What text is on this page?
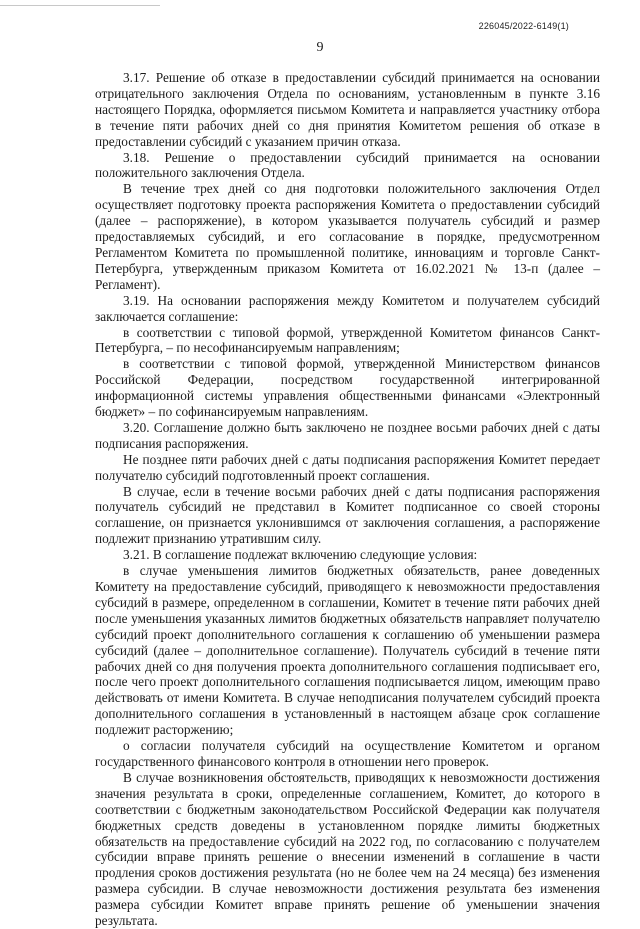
226045/2022-6149(1)
9

3.17. Решение об отказе в предоставлении субсидий принимается на основании отрицательного заключения Отдела по основаниям, установленным в пункте 3.16 настоящего Порядка, оформляется письмом Комитета и направляется участнику отбора в течение пяти рабочих дней со дня принятия Комитетом решения об отказе в предоставлении субсидий с указанием причин отказа.

3.18. Решение о предоставлении субсидий принимается на основании положительного заключения Отдела.

В течение трех дней со дня подготовки положительного заключения Отдел осуществляет подготовку проекта распоряжения Комитета о предоставлении субсидий (далее – распоряжение), в котором указывается получатель субсидий и размер предоставляемых субсидий, и его согласование в порядке, предусмотренном Регламентом Комитета по промышленной политике, инновациям и торговле Санкт-Петербурга, утвержденным приказом Комитета от 16.02.2021 № 13-п (далее – Регламент).

3.19. На основании распоряжения между Комитетом и получателем субсидий заключается соглашение:

в соответствии с типовой формой, утвержденной Комитетом финансов Санкт-Петербурга, – по несофинансируемым направлениям;

в соответствии с типовой формой, утвержденной Министерством финансов Российской Федерации, посредством государственной интегрированной информационной системы управления общественными финансами «Электронный бюджет» – по софинансируемым направлениям.

3.20. Соглашение должно быть заключено не позднее восьми рабочих дней с даты подписания распоряжения.

Не позднее пяти рабочих дней с даты подписания распоряжения Комитет передает получателю субсидий подготовленный проект соглашения.

В случае, если в течение восьми рабочих дней с даты подписания распоряжения получатель субсидий не представил в Комитет подписанное со своей стороны соглашение, он признается уклонившимся от заключения соглашения, а распоряжение подлежит признанию утратившим силу.

3.21. В соглашение подлежат включению следующие условия:

в случае уменьшения лимитов бюджетных обязательств, ранее доведенных Комитету на предоставление субсидий, приводящего к невозможности предоставления субсидий в размере, определенном в соглашении, Комитет в течение пяти рабочих дней после уменьшения указанных лимитов бюджетных обязательств направляет получателю субсидий проект дополнительного соглашения к соглашению об уменьшении размера субсидий (далее – дополнительное соглашение). Получатель субсидий в течение пяти рабочих дней со дня получения проекта дополнительного соглашения подписывает его, после чего проект дополнительного соглашения подписывается лицом, имеющим право действовать от имени Комитета. В случае неподписания получателем субсидий проекта дополнительного соглашения в установленный в настоящем абзаце срок соглашение подлежит расторжению;

о согласии получателя субсидий на осуществление Комитетом и органом государственного финансового контроля в отношении него проверок.

В случае возникновения обстоятельств, приводящих к невозможности достижения значения результата в сроки, определенные соглашением, Комитет, до которого в соответствии с бюджетным законодательством Российской Федерации как получателя бюджетных средств доведены в установленном порядке лимиты бюджетных обязательств на предоставление субсидий на 2022 год, по согласованию с получателем субсидии вправе принять решение о внесении изменений в соглашение в части продления сроков достижения результата (но не более чем на 24 месяца) без изменения размера субсидии. В случае невозможности достижения результата без изменения размера субсидии Комитет вправе принять решение об уменьшении значения результата.
